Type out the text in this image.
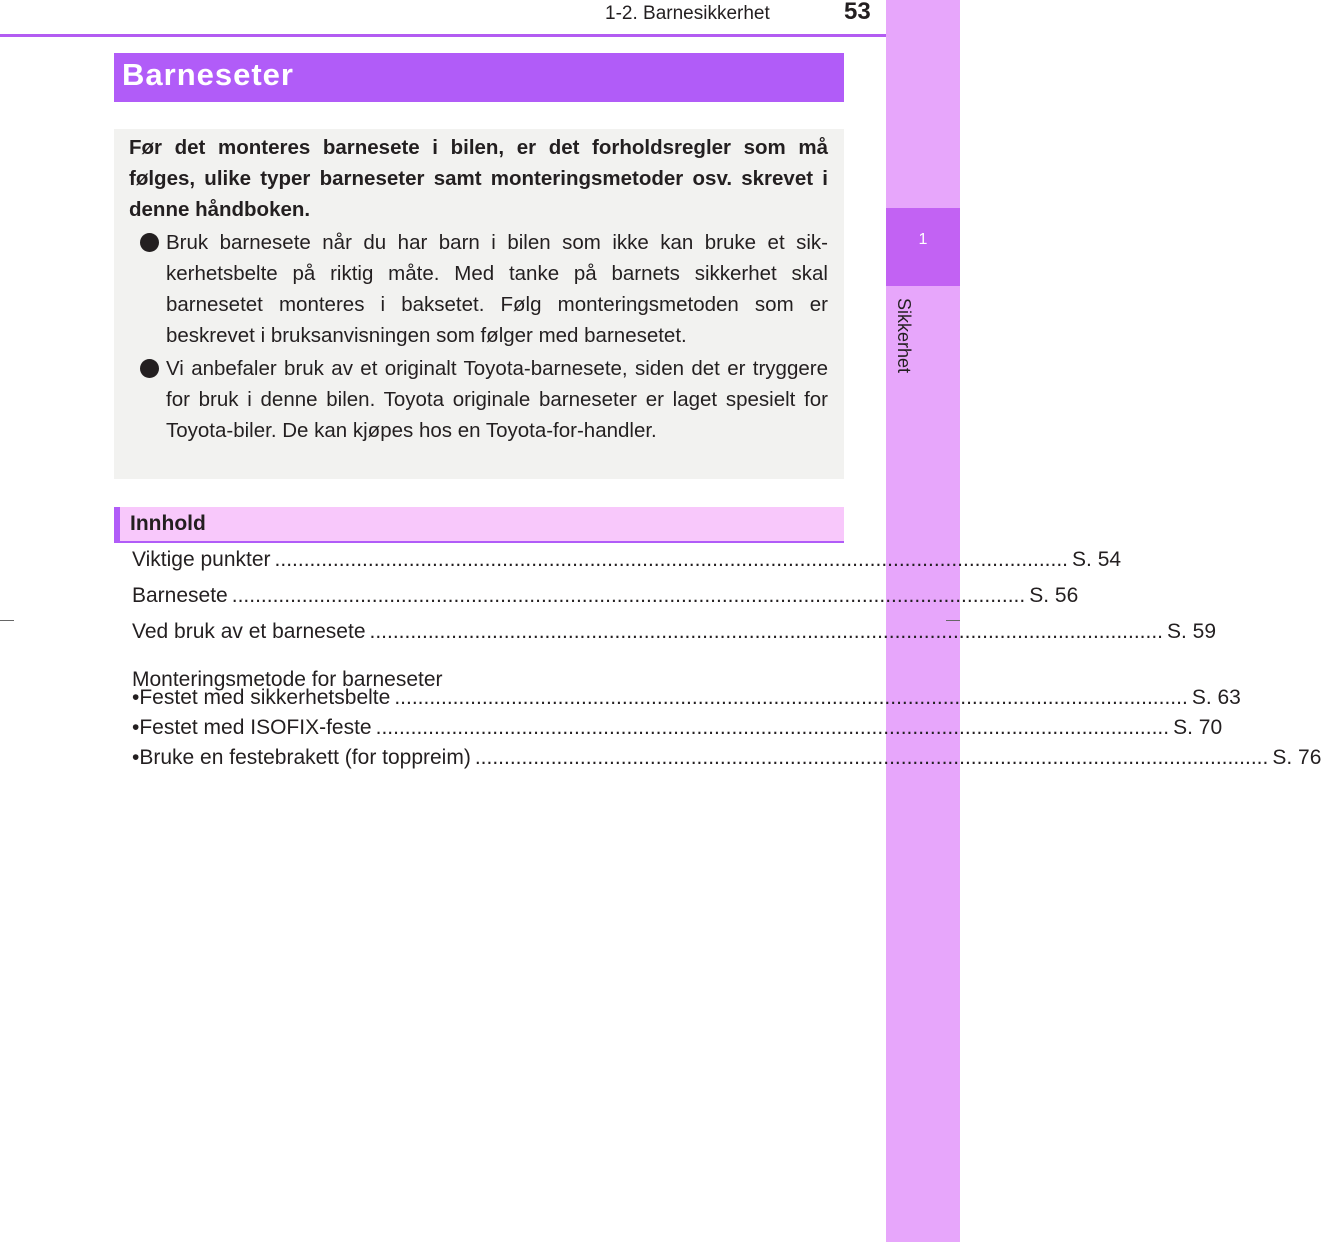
1-2. Barnesikkerhet	53
1
Sikkerhet
Barneseter

Før det monteres barnesete i bilen, er det forholdsregler som må følges, ulike typer barneseter samt monteringsmetoder osv. skrevet i denne håndboken.

Bruk barnesete når du har barn i bilen som ikke kan bruke et sik-kerhetsbelte på riktig måte. Med tanke på barnets sikkerhet skal barnesetet monteres i baksetet. Følg monteringsmetoden som er beskrevet i bruksanvisningen som følger med barnesetet.
Vi anbefaler bruk av et originalt Toyota-barnesete, siden det er tryggere for bruk i denne bilen. Toyota originale barneseter er laget spesielt for Toyota-biler. De kan kjøpes hos en Toyota-for-handler.
Innhold
Viktige punkter ........................................................................................................................................ S. 54
Barnesete ........................................................................................................................................ S. 56
Ved bruk av et barnesete ........................................................................................................................................ S. 59
Monteringsmetode for barneseter
• Festet med sikkerhetsbelte ........................................................................................................................................ S. 63
• Festet med ISOFIX-feste ........................................................................................................................................ S. 70
• Bruke en festebrakett (for toppreim) ........................................................................................................................................ S. 76
